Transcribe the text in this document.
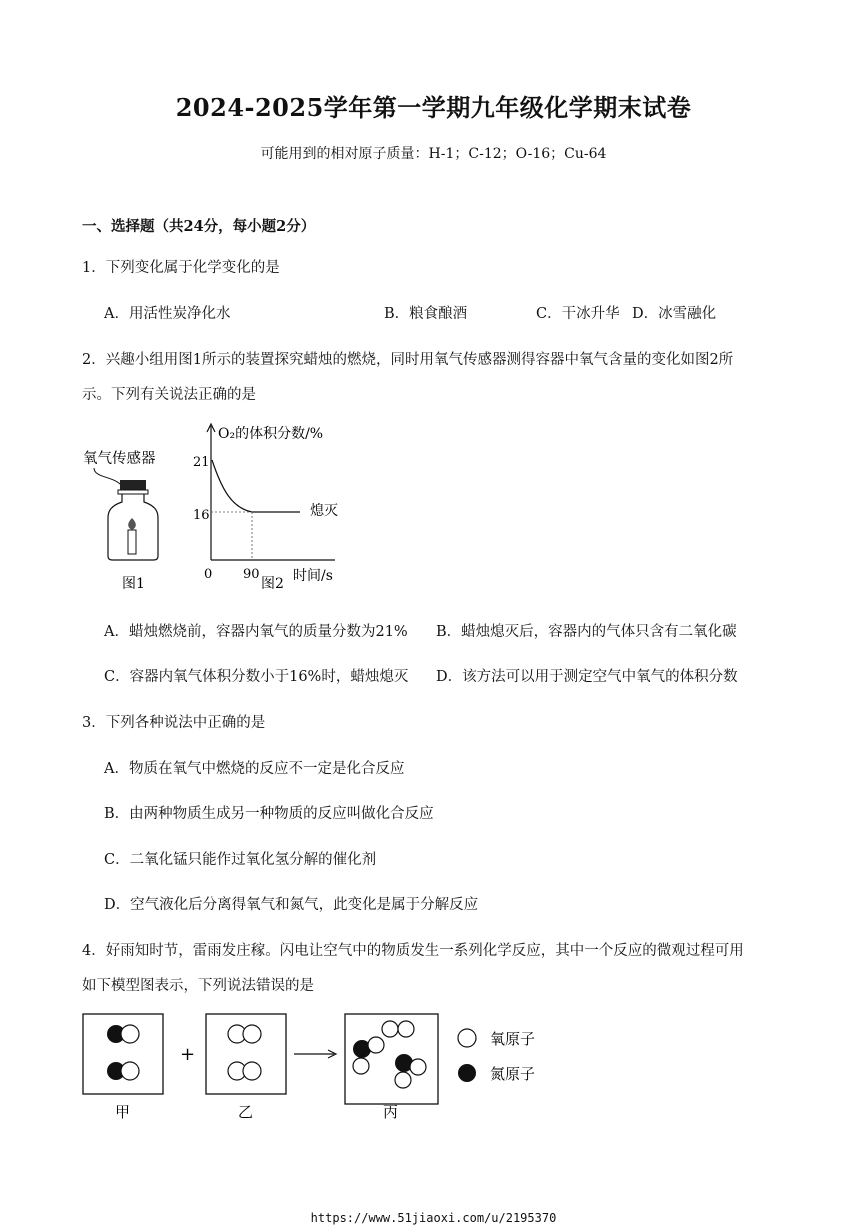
2024-2025学年第一学期九年级化学期末试卷
可能用到的相对原子质量：H-1；C-12；O-16；Cu-64
一、选择题（共24分，每小题2分）
1．下列变化属于化学变化的是
A．用活性炭净化水	B．粮食酿酒	C．干冰升华 D．冰雪融化
2．兴趣小组用图1所示的装置探究蜡烛的燃烧，同时用氧气传感器测得容器中氧气含量的变化如图2所
示。下列有关说法正确的是
氧气传感器
图1
O₂的体积分数/%
21
16	熄灭
0 90 时间/s
图2
A．蜡烛燃烧前，容器内氧气的质量分数为21% B．蜡烛熄灭后，容器内的气体只含有二氧化碳
C．容器内氧气体积分数小于16%时，蜡烛熄灭 D．该方法可以用于测定空气中氧气的体积分数
3．下列各种说法中正确的是
A．物质在氧气中燃烧的反应不一定是化合反应
B．由两种物质生成另一种物质的反应叫做化合反应
C．二氧化锰只能作过氧化氢分解的催化剂
D．空气液化后分离得氧气和氮气，此变化是属于分解反应
4．好雨知时节，雷雨发庄稼。闪电让空气中的物质发生一系列化学反应，其中一个反应的微观过程可用
如下模型图表示，下列说法错误的是
甲
+
乙	丙
氧原子
氮原子
https://www.51jiaoxi.com/u/2195370
